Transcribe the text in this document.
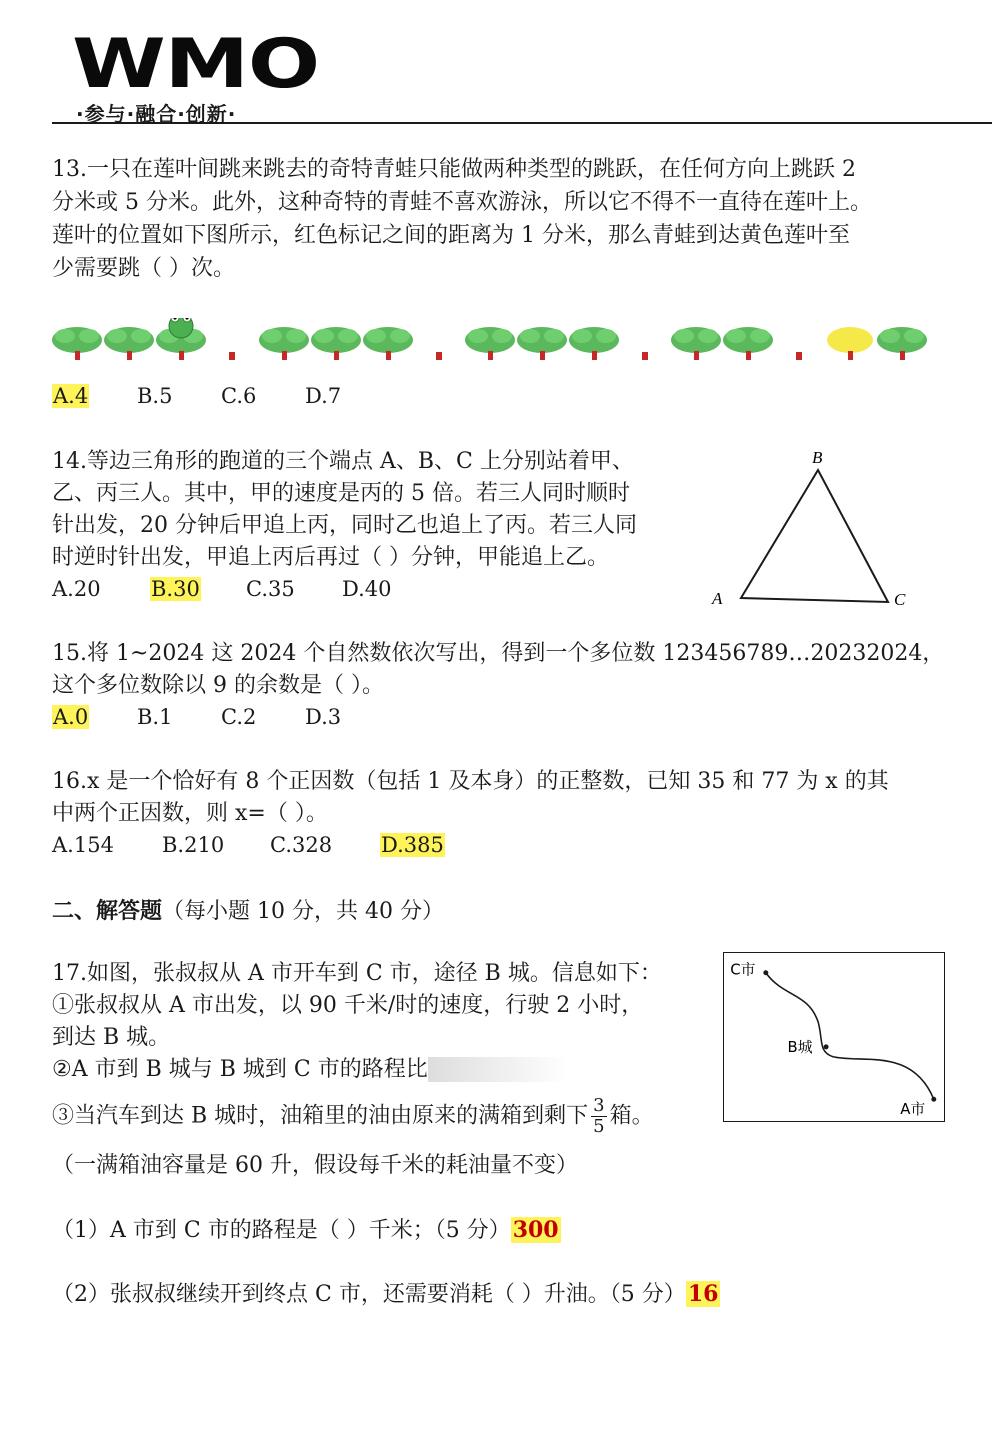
WMO
·参与·融合·创新·
13.一只在莲叶间跳来跳去的奇特青蛙只能做两种类型的跳跃，在任何方向上跳跃 2
分米或 5 分米。此外，这种奇特的青蛙不喜欢游泳，所以它不得不一直待在莲叶上。
莲叶的位置如下图所示，红色标记之间的距离为 1 分米，那么青蛙到达黄色莲叶至
少需要跳（ ）次。
A.4 B.5 C.6 D.7
14.等边三角形的跑道的三个端点 A、B、C 上分别站着甲、
乙、丙三人。其中，甲的速度是丙的 5 倍。若三人同时顺时
针出发，20 分钟后甲追上丙，同时乙也追上了丙。若三人同
时逆时针出发，甲追上丙后再过（ ）分钟，甲能追上乙。
A.20 B.30 C.35 D.40	A
B
C
15.将 1~2024 这 2024 个自然数依次写出，得到一个多位数 123456789…20232024，
这个多位数除以 9 的余数是（ ）。
A.0 B.1 C.2 D.3
16.x 是一个恰好有 8 个正因数（包括 1 及本身）的正整数，已知 35 和 77 为 x 的其
中两个正因数，则 x=（ ）。
A.154 B.210 C.328 D.385
二、解答题（每小题 10 分，共 40 分）
17.如图，张叔叔从 A 市开车到 C 市，途径 B 城。信息如下：
①张叔叔从 A 市出发，以 90 千米/时的速度，行驶 2 小时，
到达 B 城。
②A 市到 B 城与 B 城到 C 市的路程比
③当汽车到达 B 城时，油箱里的油由原来的满箱到剩下 $\frac{3}{5}$ 箱。
（一满箱油容量是 60 升，假设每千米的耗油量不变）
（1）A 市到 C 市的路程是（ ）千米；（5 分）300
（2）张叔叔继续开到终点 C 市，还需要消耗（ ）升油。（5 分）16
C市
B城
A市
